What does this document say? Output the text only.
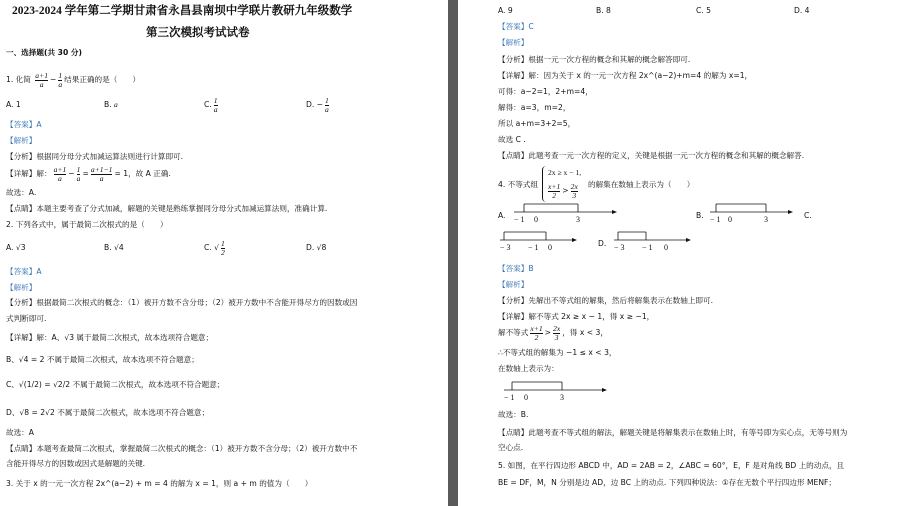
2023-2024 学年第二学期甘肃省永昌县南坝中学联片教研九年级数学
第三次模拟考试试卷
一、选择题(共 30 分)
1. 化简 $\frac{a+1}{a} - \frac{1}{a}$ 结果正确的是（　　）
A. 1	B. a	C. $\frac{1}{a}$	D. − $\frac{1}{a}$
【答案】A
【解析】
【分析】根据同分母分式加减运算法则进行计算即可.
【详解】解： $\frac{a+1}{a} - \frac{1}{a} = \frac{a+1-1}{a} = 1$，故 A 正确.
故选：A.
【点睛】本题主要考查了分式加减，解题的关键是熟练掌握同分母分式加减运算法则，准确计算.
2. 下列各式中，属于最简二次根式的是（　　）
A. √3	B. √4	C. √ $\frac{1}{2}$	D. √8
【答案】A
【解析】
【分析】根据最简二次根式的概念：（1）被开方数不含分母；（2）被开方数中不含能开得尽方的因数或因
式判断即可.
【详解】解：A、√3 属于最简二次根式，故本选项符合题意；
B、√4 = 2 不属于最简二次根式，故本选项不符合题意；
C、√(1/2) = √2/2 不属于最简二次根式，故本选项不符合题意；
D、√8 = 2√2 不属于最简二次根式，故本选项不符合题意；
故选：A
【点睛】本题考查最简二次根式，掌握最简二次根式的概念：（1）被开方数不含分母；（2）被开方数中不
含能开得尽方的因数或因式是解题的关键.
3. 关于 x 的一元一次方程 2x^(a−2) + m = 4 的解为 x = 1，则 a + m 的值为（　　）
A. 9	B. 8	C. 5	D. 4
【答案】C
【解析】
【分析】根据一元一次方程的概念和其解的概念解答即可.
【详解】解：因为关于 x 的一元一次方程 2x^(a−2)+m=4 的解为 x=1，
可得：a−2=1，2+m=4，
解得：a=3，m=2，
所以 a+m=3+2=5，
故选 C .
【点睛】此题考查一元一次方程的定义，关键是根据一元一次方程的概念和其解的概念解答.
4. 不等式组
2x ≥ x − 1,
$\frac{x+1}{2} > \frac{2x}{3}$ 的解集在数轴上表示为（　　）
A. − 1 0	3	B. − 1 0	3	C.
− 3 − 1 0	D. − 3 − 1 0
【答案】B
【解析】
【分析】先解出不等式组的解集，然后将解集表示在数轴上即可.
【详解】解不等式 2x ≥ x − 1，得 x ≥ −1，
解不等式 $\frac{x+1}{2} > \frac{2x}{3}$ ，得 x < 3，
∴不等式组的解集为 −1 ≤ x < 3，
在数轴上表示为：
− 1 0	3
故选：B.
【点睛】此题考查不等式组的解法，解题关键是将解集表示在数轴上时，有等号即为实心点，无等号则为
空心点.
5. 如图，在平行四边形 ABCD 中，AD = 2AB = 2，∠ABC = 60°，E，F 是对角线 BD 上的动点，且
BE = DF，M，N 分别是边 AD，边 BC 上的动点. 下列四种说法：①存在无数个平行四边形 MENF；
